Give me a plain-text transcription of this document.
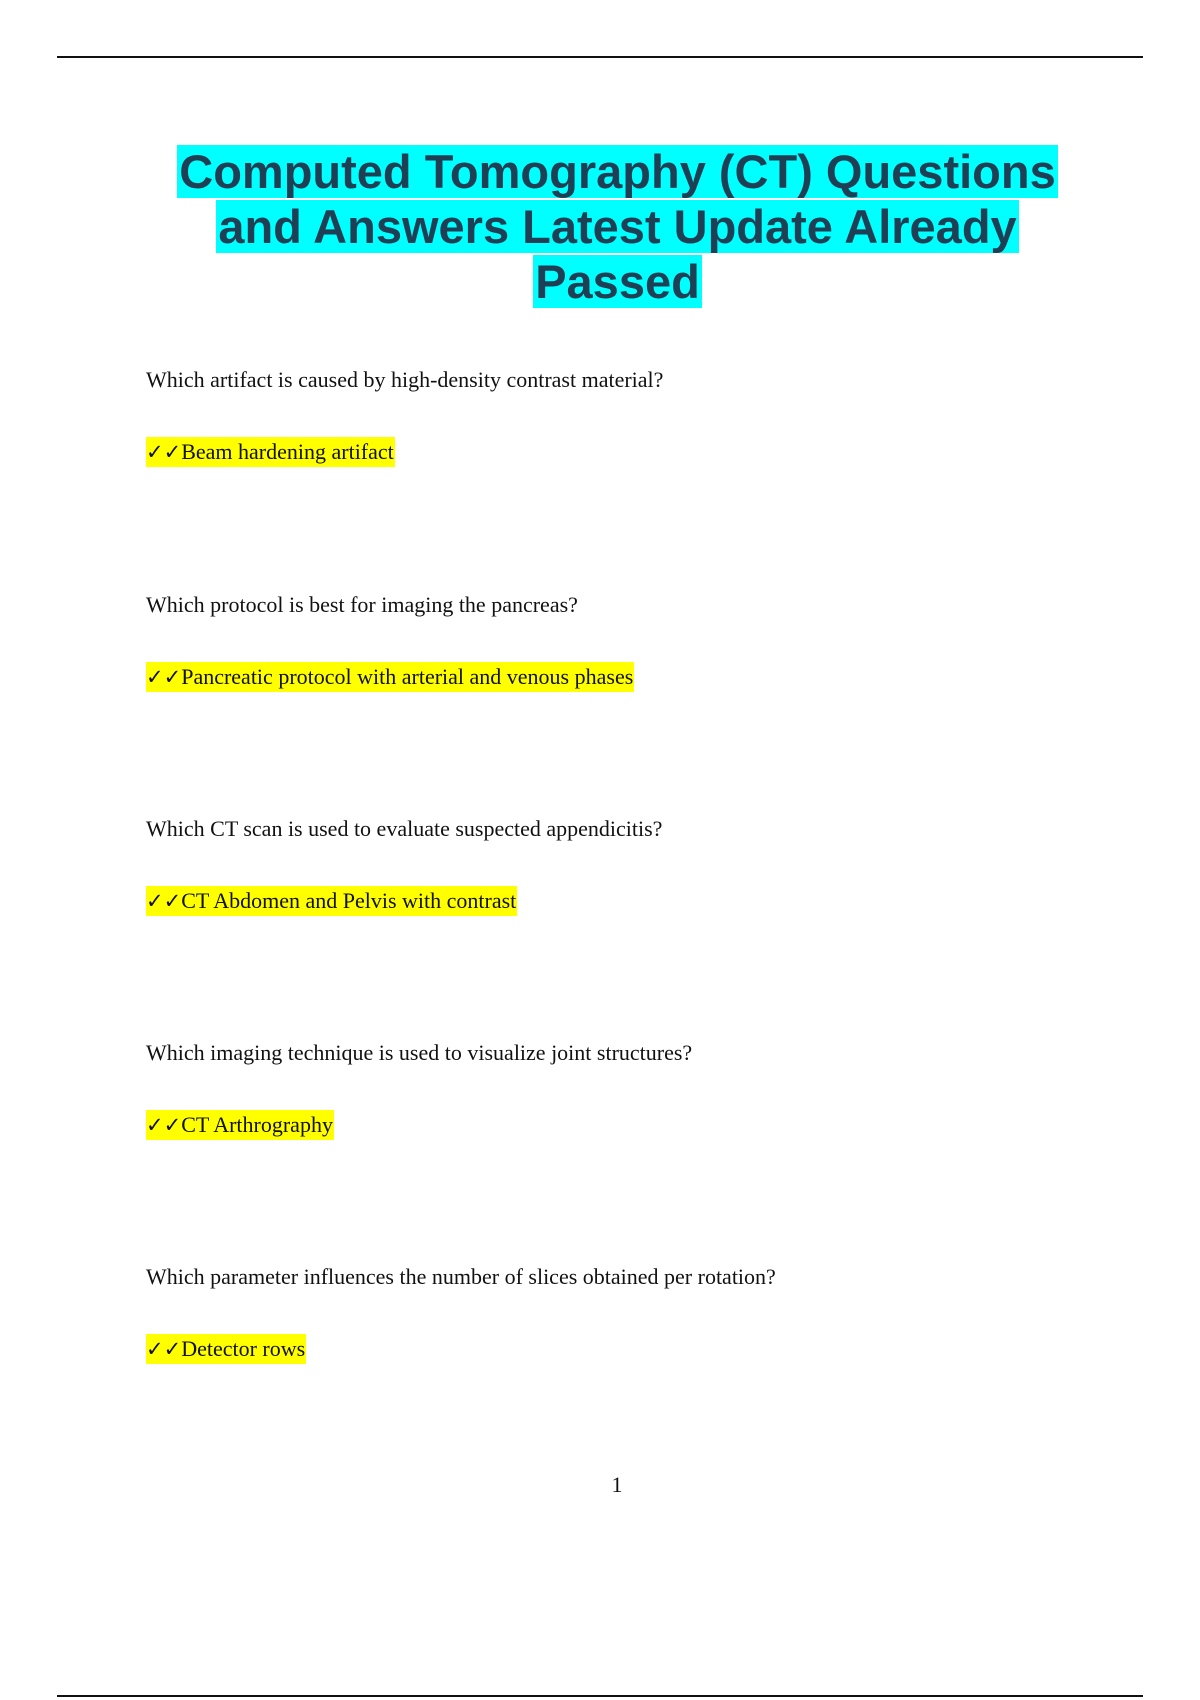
Computed Tomography (CT) Questions and Answers Latest Update Already Passed

Which artifact is caused by high-density contrast material?

✓✓Beam hardening artifact

Which protocol is best for imaging the pancreas?

✓✓Pancreatic protocol with arterial and venous phases

Which CT scan is used to evaluate suspected appendicitis?

✓✓CT Abdomen and Pelvis with contrast

Which imaging technique is used to visualize joint structures?

✓✓CT Arthrography

Which parameter influences the number of slices obtained per rotation?

✓✓Detector rows

1
